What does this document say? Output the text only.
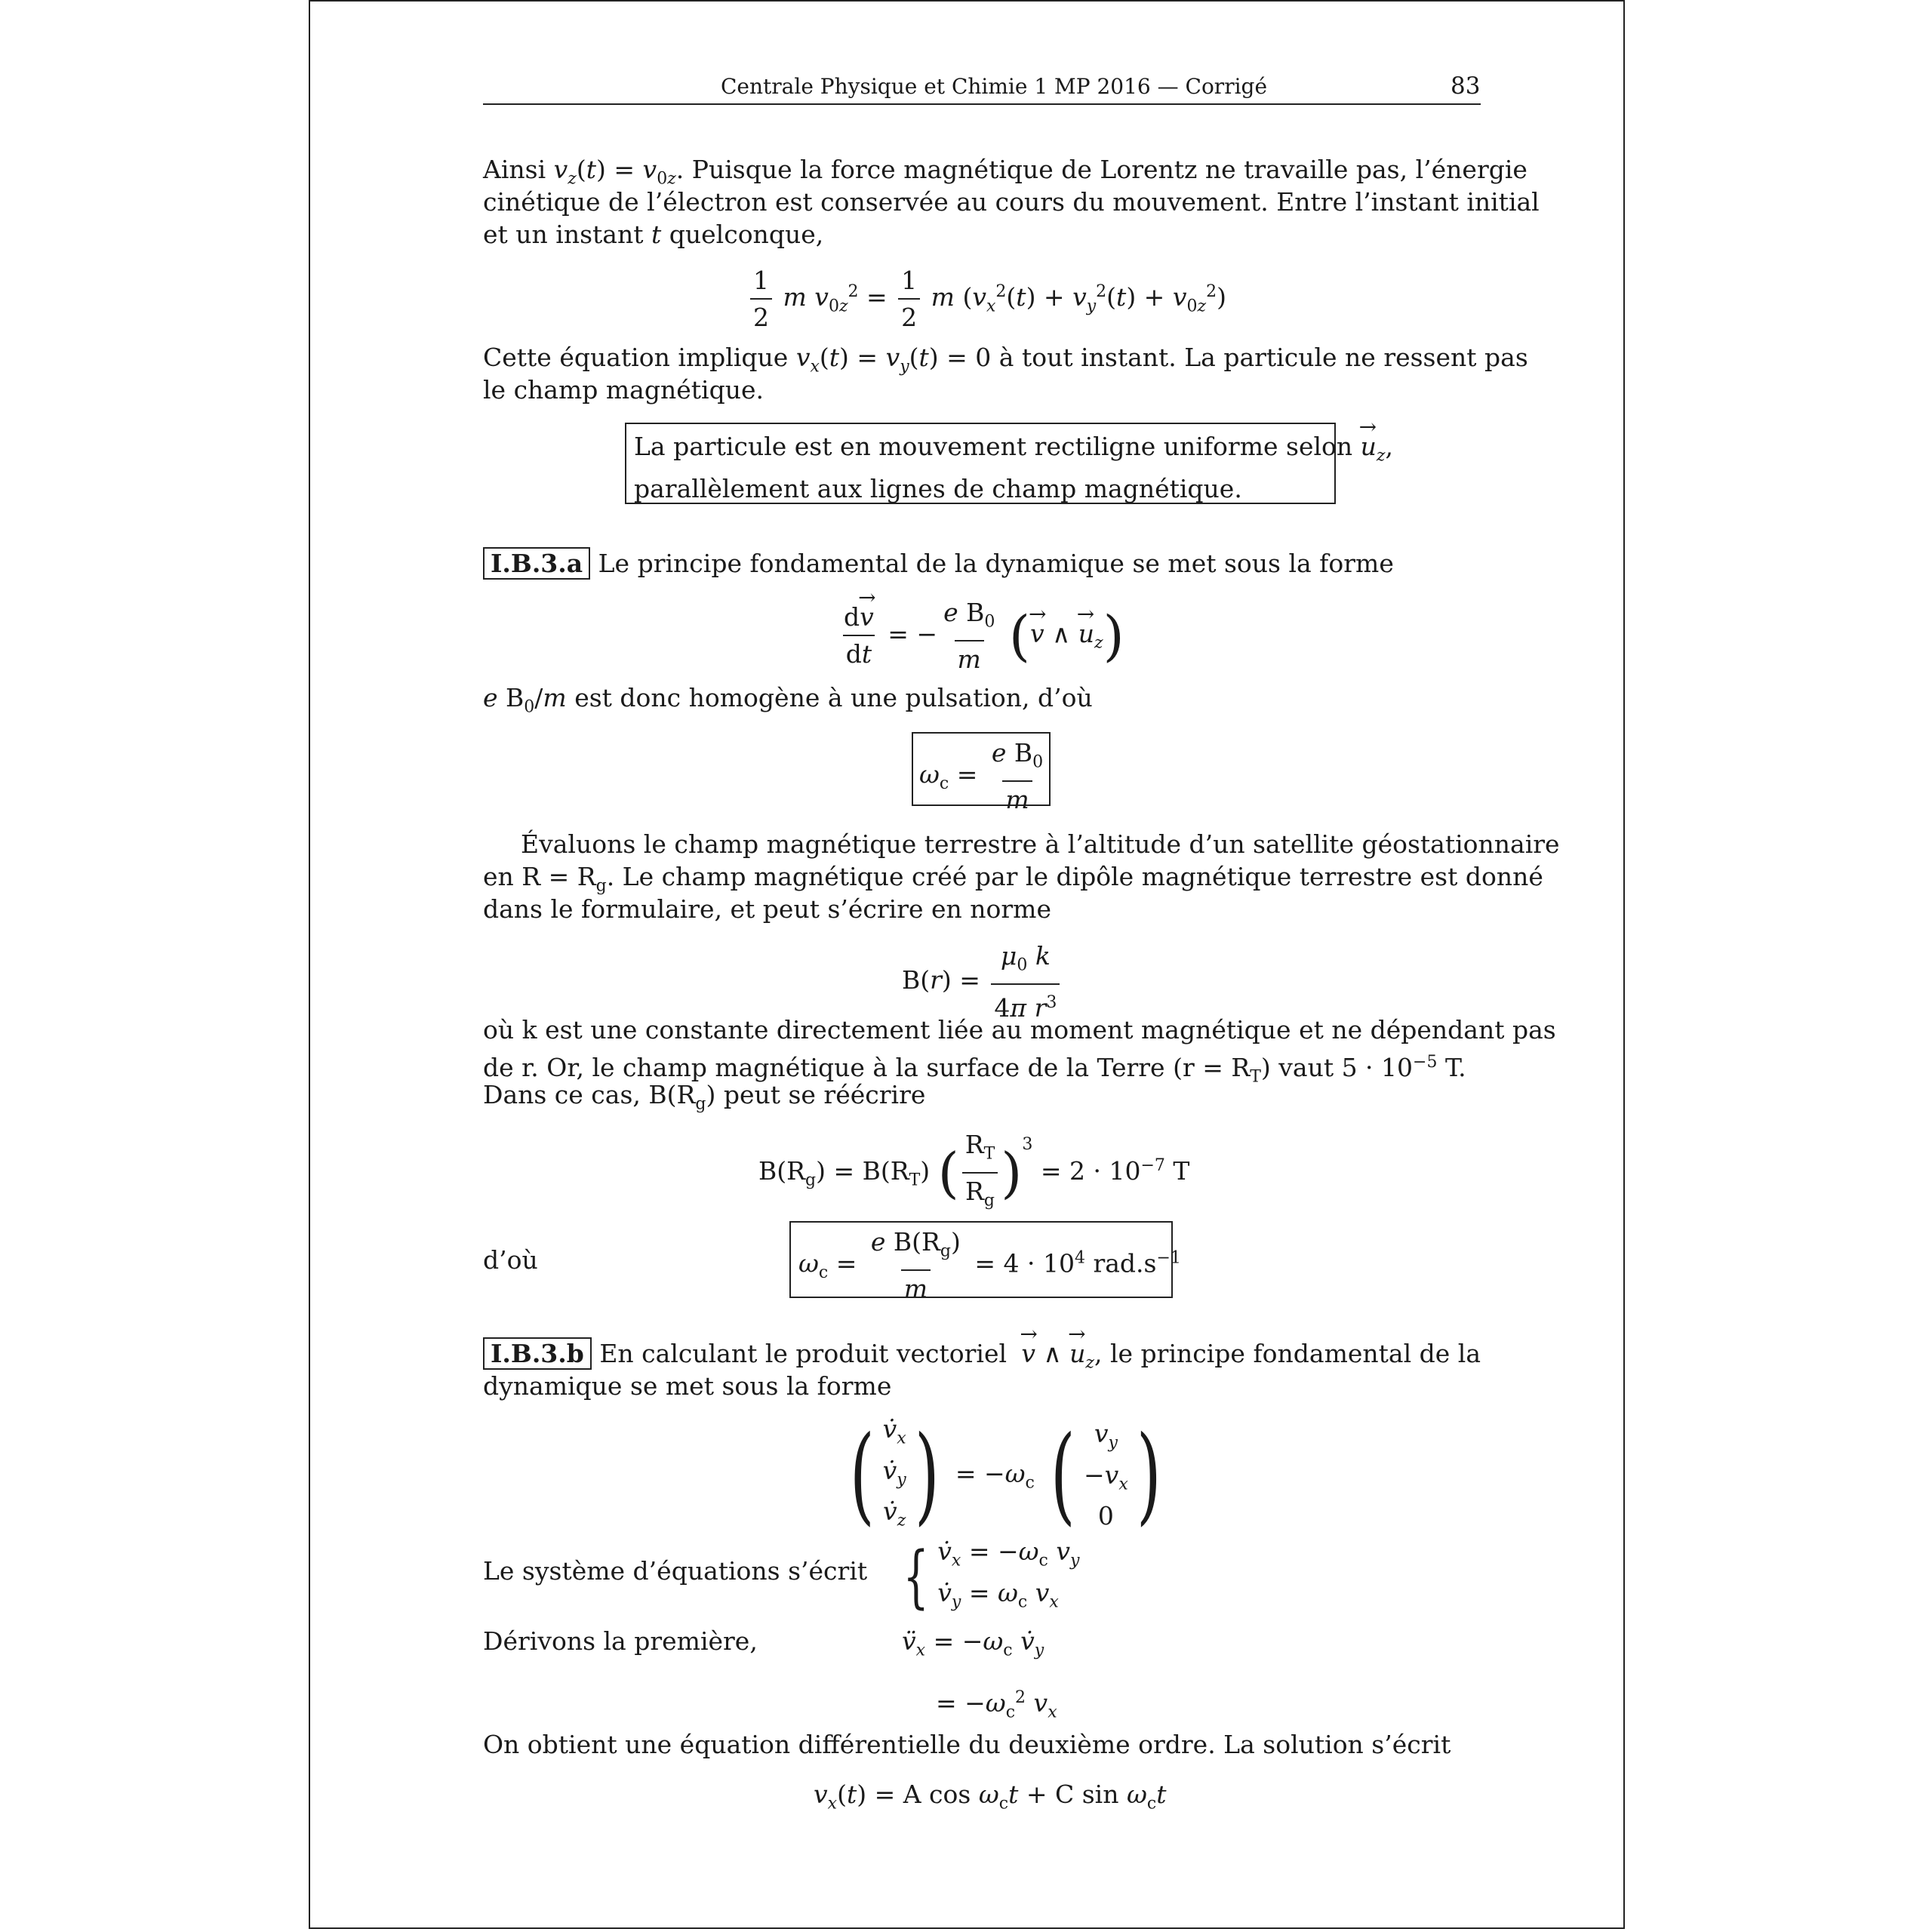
Centrale Physique et Chimie 1 MP 2016 — Corrigé	83
Ainsi $v_z(t) = v_{0z}$. Puisque la force magnétique de Lorentz ne travaille pas, l’énergie
cinétique de l’électron est conservée au cours du mouvement. Entre l’instant initial
et un instant t quelconque,
$\frac{1}{2}$ m $v_{0z}^2 = \frac{1}{2}$ m $(v_x^2(t) + v_y^2(t) + v_{0z}^2)$
Cette équation implique $v_x(t) = v_y(t) = 0$ à tout instant. La particule ne ressent pas
le champ magnétique.
La particule est en mouvement rectiligne uniforme selon → $u_z$,
parallèlement aux lignes de champ magnétique.
I.B.3.a Le principe fondamental de la dynamique se met sous la forme
$\frac{d\to v}{dt}$ = − $\frac{e B_0}{m}$ (→ v ∧ → $u_z$)
e $B_0/m$ est donc homogène à une pulsation, d’où
$\omega_c = \frac{e B_0}{m}$
Évaluons le champ magnétique terrestre à l’altitude d’un satellite géostationnaire
en $R = R_g$. Le champ magnétique créé par le dipôle magnétique terrestre est donné
dans le formulaire, et peut s’écrire en norme
$B(r) = \frac{\mu_0 k}{4\pi r^3}$
où k est une constante directement liée au moment magnétique et ne dépendant pas
de r. Or, le champ magnétique à la surface de la Terre $(r = R_T)$ vaut $5 \cdot 10^{-5}$ T.
Dans ce cas, $B(R_g)$ peut se réécrire
$B(R_g) = B(R_T)$ ( $\frac{R_T}{R_g} )^3 = 2 \cdot 10^{-7}$ T
d’où	$\omega_c = \frac{e B(R_g)}{m} = 4 \cdot 10^4$ $rad.s^{-1}$
I.B.3.b En calculant le produit vectoriel → v ∧ → $u_z$, le principe fondamental de la
dynamique se met sous la forme
( $v̇_x$
$v̇_y$
$v̇_z$ ) = $-\omega_c$ ( $v_y$
$-v_x$
0 )
Le système d’équations s’écrit { $v̇_x = -\omega_c$ $v_y$
$v̇_y = \omega_c$ $v_x$
Dérivons la première,	$v̈_x = -\omega_c$ $v̇_y$
= $-\omega_c^2$ $v_x$
On obtient une équation différentielle du deuxième ordre. La solution s’écrit
$v_x(t) = A$ $\cos \omega_ct + C$ $\sin \omega_ct$
